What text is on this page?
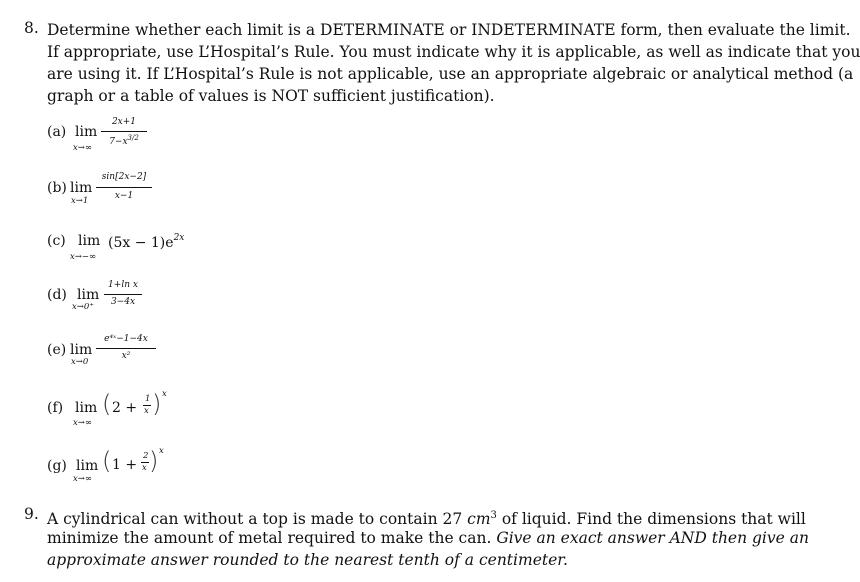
8. Determine whether each limit is a DETERMINATE or INDETERMINATE form, then evaluate the limit.
If appropriate, use L’Hospital’s Rule. You must indicate why it is applicable, as well as indicate that you
are using it. If L’Hospital’s Rule is not applicable, use an appropriate algebraic or analytical method (a
graph or a table of values is NOT sufficient justification).
(a) lim
x→∞
2x+1
$7-x^{3/2}$
(b) lim
x→1
sin[2x−2]
x−1
(c) lim
x→−∞
$(5x - 1)e^{2x}$
(d) lim
x→0⁺
1+ln x
3−4x
(e) lim
x→0
e⁴ˣ−1−4x
x²
(f) lim
x→∞
( 2 +
1
x ) x
(g) lim
x→∞
( 1 +
2
x ) x
9. A cylindrical can without a top is made to contain 27 $cm^3$ of liquid. Find the dimensions that will
minimize the amount of metal required to make the can. Give an exact answer AND then give an
approximate answer rounded to the nearest tenth of a centimeter.
